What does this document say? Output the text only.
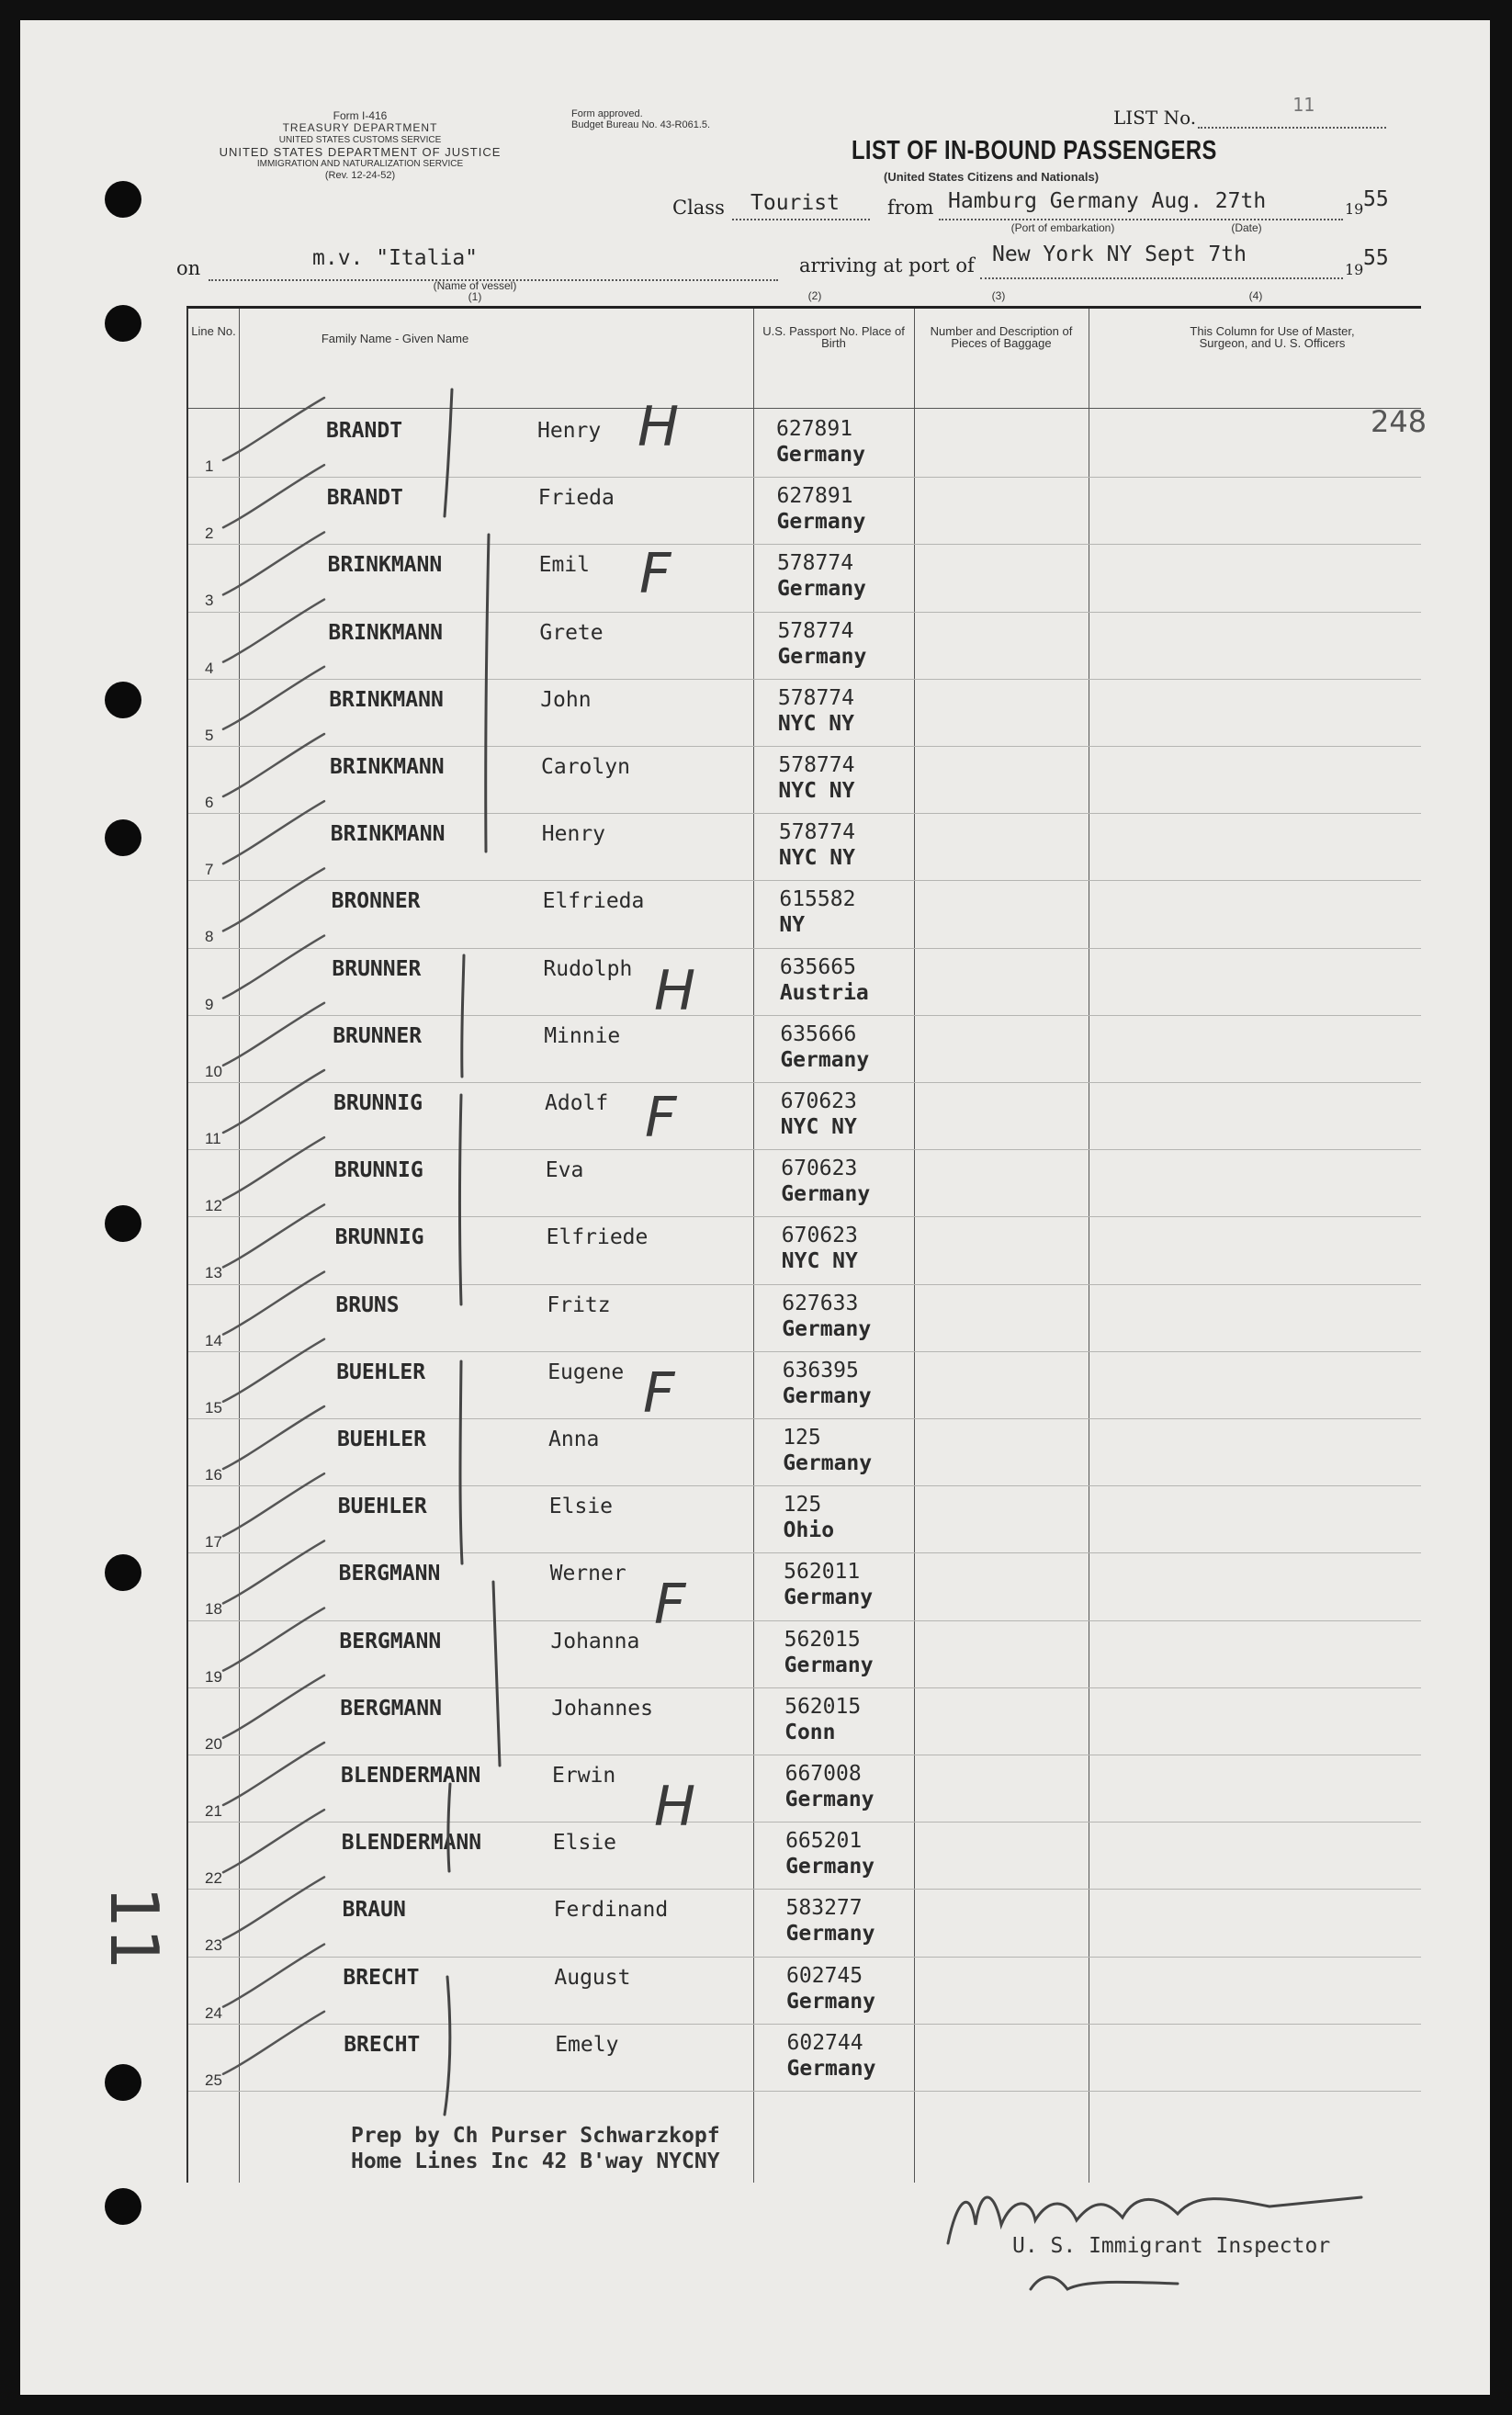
Form I-416
TREASURY DEPARTMENT
UNITED STATES CUSTOMS SERVICE
UNITED STATES DEPARTMENT OF JUSTICE
IMMIGRATION AND NATURALIZATION SERVICE
(Rev. 12-24-52)
Form approved.
Budget Bureau No. 43-R061.5.	LIST No.
11
LIST OF IN-BOUND PASSENGERS
(United States Citizens and Nationals)
Class Tourist from Hamburg Germany Aug. 27th	19 55
(Port of embarkation)	(Date)
on	m.v. "Italia"
(Name of vessel)
(1)
arriving at port of New York NY Sept 7th
19 55
(2)	(3)	(4)
248
11
Line No.
Family Name - Given Name
U.S. Passport No. Place of Birth
Number and Description of Pieces of Baggage
This Column for Use of Master, Surgeon, and U. S. Officers
1
BRANDT	Henry	627891
Germany
2
BRANDT	Frieda	627891
Germany
3
BRINKMANN	Emil	578774
Germany
4
BRINKMANN	Grete	578774
Germany
5
BRINKMANN	John	578774
NYC NY
6
BRINKMANN	Carolyn	578774
NYC NY
7
BRINKMANN	Henry	578774
NYC NY
8
BRONNER	Elfrieda	615582
NY
9
BRUNNER	Rudolph	635665
Austria
10
BRUNNER	Minnie	635666
Germany
11
BRUNNIG	Adolf	670623
NYC NY
12
BRUNNIG	Eva	670623
Germany
13
BRUNNIG	Elfriede	670623
NYC NY
14
BRUNS	Fritz	627633
Germany
15
BUEHLER	Eugene	636395
Germany
16
BUEHLER	Anna	125
Germany
17
BUEHLER	Elsie	125
Ohio
18
BERGMANN	Werner	562011
Germany
19
BERGMANN	Johanna	562015
Germany
20
BERGMANN	Johannes	562015
Conn
21
BLENDERMANN	Erwin	667008
Germany
22
BLENDERMANN	Elsie	665201
Germany
23
BRAUN	Ferdinand	583277
Germany
24
BRECHT	August	602745
Germany
25
BRECHT	Emely	602744
Germany
H
F
H
F
F
F
H
Prep by Ch Purser Schwarzkopf
Home Lines Inc 42 B'way NYCNY
U. S. Immigrant Inspector
